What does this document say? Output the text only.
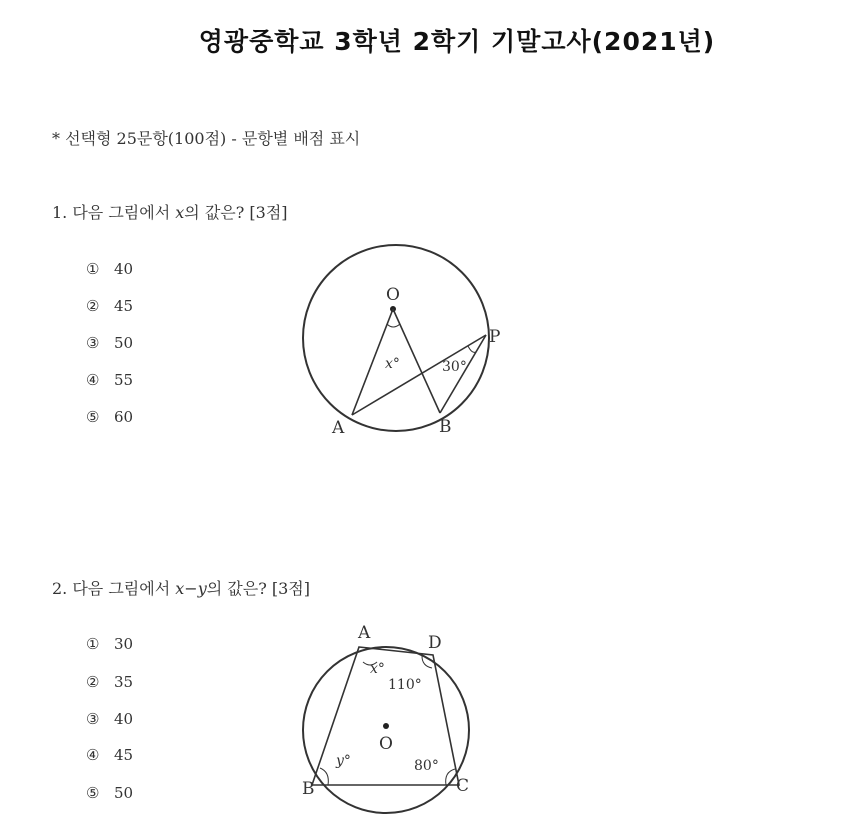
영광중학교 3학년 2학기 기말고사(2021년)
* 선택형 25문항(100점) - 문항별 배점 표시
1. 다음 그림에서 x의 값은? [3점]
① 40
② 45
③ 50
④ 55
⑤ 60
O
P
A	B
x°	30°
2. 다음 그림에서 x−y의 값은? [3점]
① 30
② 35
③ 40
④ 45
⑤ 50
A	D
O
B	C
x°
110°
y°	80°
